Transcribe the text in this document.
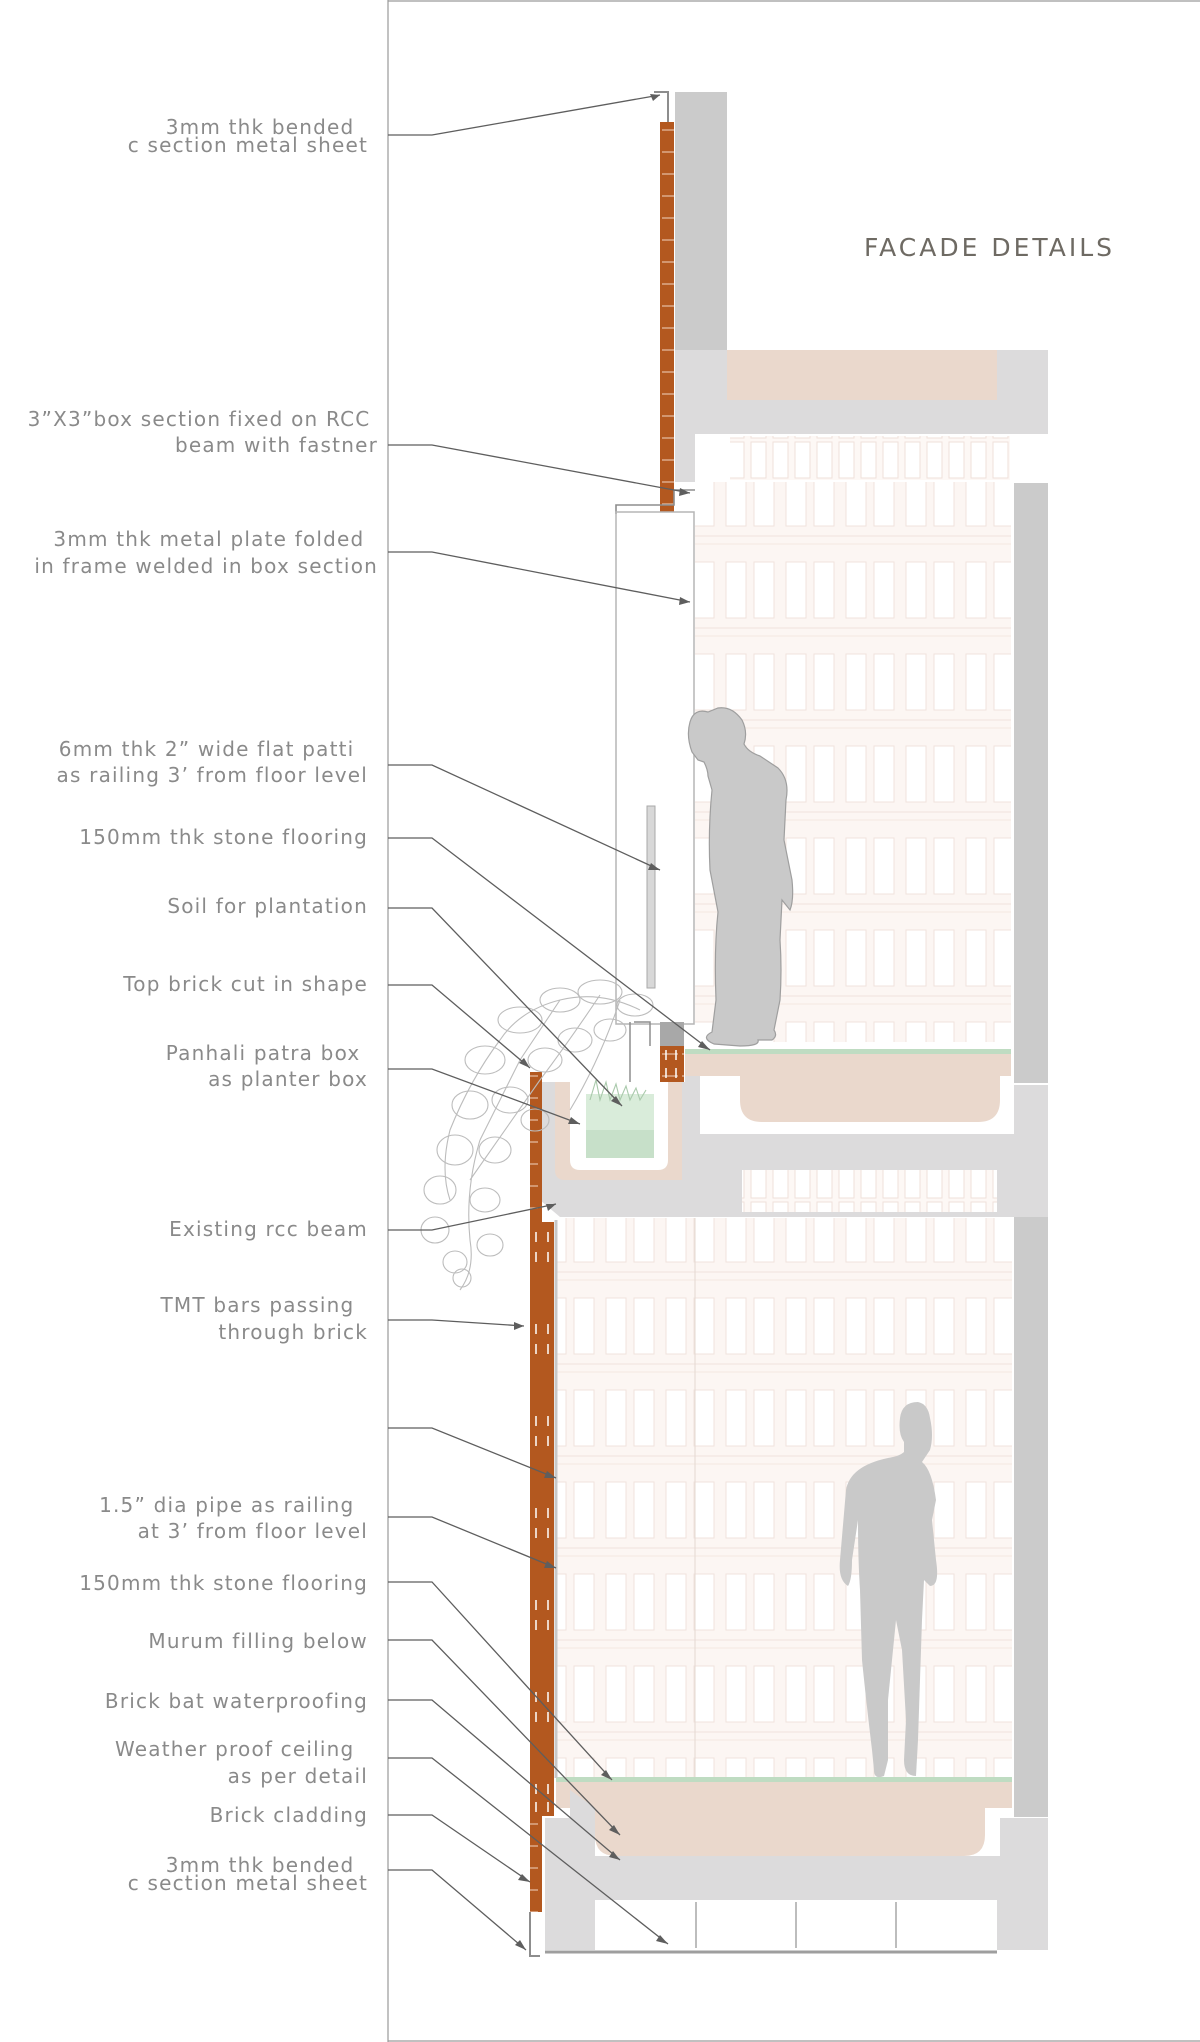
FACADE DETAILS
3mm thk bended c section metal sheet
3”X3”box section fixed on RCC beam with fastner
3mm thk metal plate folded in frame welded in box section
6mm thk 2” wide flat patti as railing 3’ from floor level
150mm thk stone flooring
Soil for plantation
Top brick cut in shape
Panhali patra box as planter box
Existing rcc beam
TMT bars passing through brick
1.5” dia pipe as railing at 3’ from floor level
150mm thk stone flooring
Murum filling below
Brick bat waterproofing
Weather proof ceiling as per detail
Brick cladding
3mm thk bended c section metal sheet
